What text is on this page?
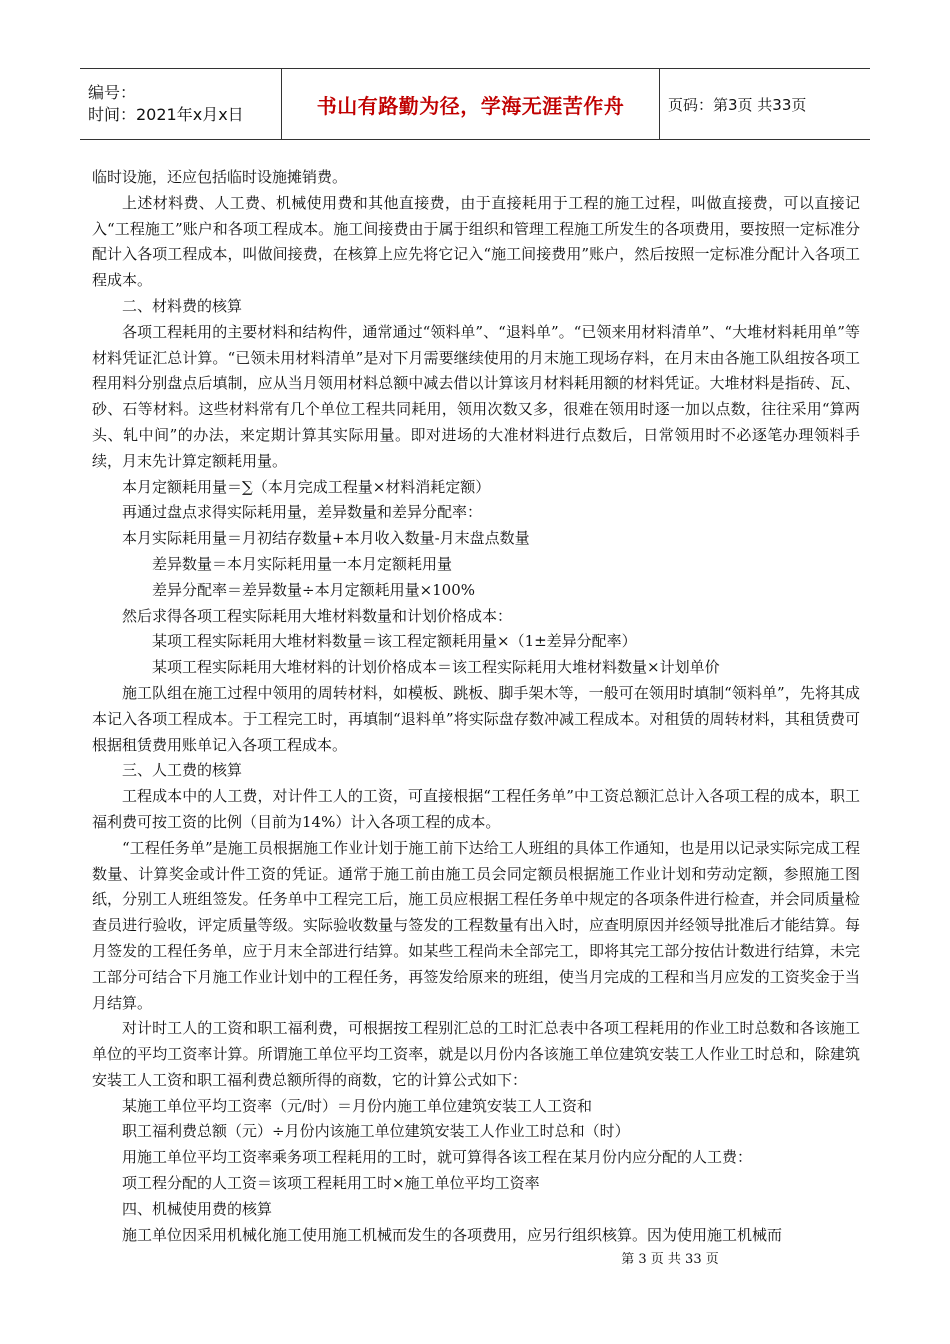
编号：
时间：2021年x月x日	书山有路勤为径，学海无涯苦作舟	页码：第3页 共33页

临时设施，还应包括临时设施摊销费。

上述材料费、人工费、机械使用费和其他直接费，由于直接耗用于工程的施工过程，叫做直接费，可以直接记入“工程施工”账户和各项工程成本。施工间接费由于属于组织和管理工程施工所发生的各项费用，要按照一定标准分配计入各项工程成本，叫做间接费，在核算上应先将它记入“施工间接费用”账户，然后按照一定标准分配计入各项工程成本。

二、材料费的核算

各项工程耗用的主要材料和结构件，通常通过“领料单”、“退料单”。“已领来用材料清单”、“大堆材料耗用单”等材料凭证汇总计算。“已领未用材料清单”是对下月需要继续使用的月末施工现场存料，在月末由各施工队组按各项工程用料分别盘点后填制，应从当月领用材料总额中减去借以计算该月材料耗用额的材料凭证。大堆材料是指砖、瓦、砂、石等材料。这些材料常有几个单位工程共同耗用，领用次数又多，很难在领用时逐一加以点数，往往采用“算两头、轧中间”的办法，来定期计算其实际用量。即对进场的大准材料进行点数后，日常领用时不必逐笔办理领料手续，月末先计算定额耗用量。

本月定额耗用量＝∑（本月完成工程量×材料消耗定额）

再通过盘点求得实际耗用量，差异数量和差异分配率：

本月实际耗用量＝月初结存数量+本月收入数量-月末盘点数量

差异数量＝本月实际耗用量一本月定额耗用量

差异分配率＝差异数量÷本月定额耗用量×100%

然后求得各项工程实际耗用大堆材料数量和计划价格成本：

某项工程实际耗用大堆材料数量＝该工程定额耗用量×（1±差异分配率）

某项工程实际耗用大堆材料的计划价格成本＝该工程实际耗用大堆材料数量×计划单价

施工队组在施工过程中领用的周转材料，如模板、跳板、脚手架木等，一般可在领用时填制“领料单”，先将其成本记入各项工程成本。于工程完工时，再填制“退料单”将实际盘存数冲减工程成本。对租赁的周转材料，其租赁费可根据租赁费用账单记入各项工程成本。

三、人工费的核算

工程成本中的人工费，对计件工人的工资，可直接根据“工程任务单”中工资总额汇总计入各项工程的成本，职工福利费可按工资的比例（目前为14%）计入各项工程的成本。

“工程任务单”是施工员根据施工作业计划于施工前下达给工人班组的具体工作通知，也是用以记录实际完成工程数量、计算奖金或计件工资的凭证。通常于施工前由施工员会同定额员根据施工作业计划和劳动定额，参照施工图纸，分别工人班组签发。任务单中工程完工后，施工员应根据工程任务单中规定的各项条件进行检查，并会同质量检查员进行验收，评定质量等级。实际验收数量与签发的工程数量有出入时，应查明原因并经领导批准后才能结算。每月签发的工程任务单，应于月末全部进行结算。如某些工程尚未全部完工，即将其完工部分按估计数进行结算，未完工部分可结合下月施工作业计划中的工程任务，再签发给原来的班组，使当月完成的工程和当月应发的工资奖金于当月结算。

对计时工人的工资和职工福利费，可根据按工程别汇总的工时汇总表中各项工程耗用的作业工时总数和各该施工单位的平均工资率计算。所谓施工单位平均工资率，就是以月份内各该施工单位建筑安装工人作业工时总和，除建筑安装工人工资和职工福利费总额所得的商数，它的计算公式如下：

某施工单位平均工资率（元/时）＝月份内施工单位建筑安装工人工资和

职工福利费总额（元）÷月份内该施工单位建筑安装工人作业工时总和（时）

用施工单位平均工资率乘务项工程耗用的工时，就可算得各该工程在某月份内应分配的人工费：

项工程分配的人工资＝该项工程耗用工时×施工单位平均工资率

四、机械使用费的核算

施工单位因采用机械化施工使用施工机械而发生的各项费用，应另行组织核算。因为使用施工机械而

第 3 页 共 33 页
